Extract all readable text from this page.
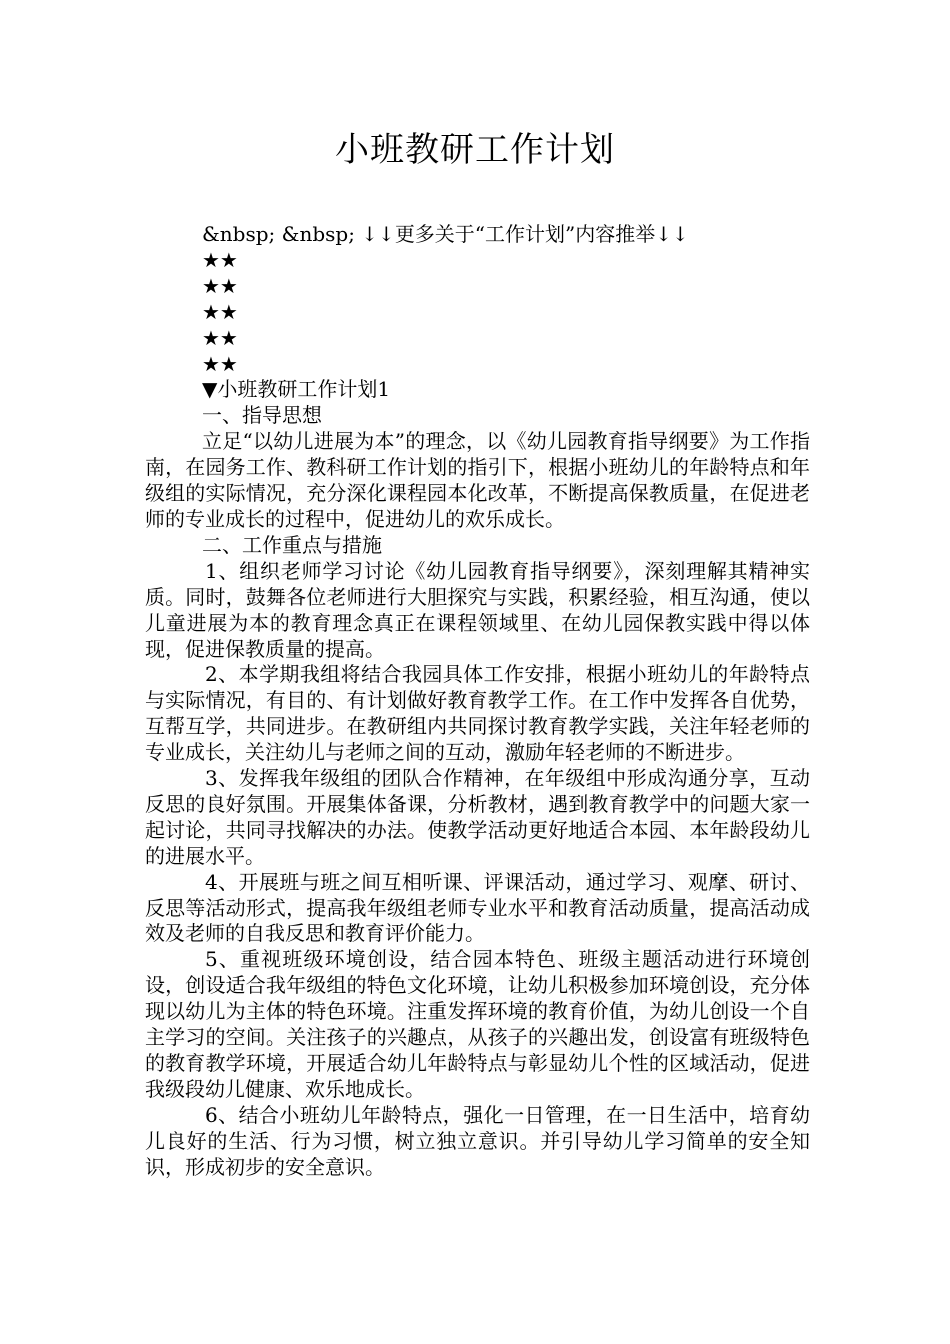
小班教研工作计划

&nbsp; &nbsp; ↓↓更多关于“工作计划”内容推举↓↓

★★

★★

★★

★★

★★

▼小班教研工作计划1

一、指导思想

立足“以幼儿进展为本”的理念，以《幼儿园教育指导纲要》为工作指南，在园务工作、教科研工作计划的指引下，根据小班幼儿的年龄特点和年级组的实际情况，充分深化课程园本化改革，不断提高保教质量，在促进老师的专业成长的过程中，促进幼儿的欢乐成长。

二、工作重点与措施

1、组织老师学习讨论《幼儿园教育指导纲要》，深刻理解其精神实质。同时，鼓舞各位老师进行大胆探究与实践，积累经验，相互沟通，使以儿童进展为本的教育理念真正在课程领域里、在幼儿园保教实践中得以体现，促进保教质量的提高。

2、本学期我组将结合我园具体工作安排，根据小班幼儿的年龄特点与实际情况，有目的、有计划做好教育教学工作。在工作中发挥各自优势，互帮互学，共同进步。在教研组内共同探讨教育教学实践，关注年轻老师的专业成长，关注幼儿与老师之间的互动，激励年轻老师的不断进步。

3、发挥我年级组的团队合作精神，在年级组中形成沟通分享，互动反思的良好氛围。开展集体备课，分析教材，遇到教育教学中的问题大家一起讨论，共同寻找解决的办法。使教学活动更好地适合本园、本年龄段幼儿的进展水平。

4、开展班与班之间互相听课、评课活动，通过学习、观摩、研讨、反思等活动形式，提高我年级组老师专业水平和教育活动质量，提高活动成效及老师的自我反思和教育评价能力。

5、重视班级环境创设，结合园本特色、班级主题活动进行环境创设，创设适合我年级组的特色文化环境，让幼儿积极参加环境创设，充分体现以幼儿为主体的特色环境。注重发挥环境的教育价值，为幼儿创设一个自主学习的空间。关注孩子的兴趣点，从孩子的兴趣出发，创设富有班级特色的教育教学环境，开展适合幼儿年龄特点与彰显幼儿个性的区域活动，促进我级段幼儿健康、欢乐地成长。

6、结合小班幼儿年龄特点，强化一日管理，在一日生活中，培育幼儿良好的生活、行为习惯，树立独立意识。并引导幼儿学习简单的安全知识，形成初步的安全意识。
